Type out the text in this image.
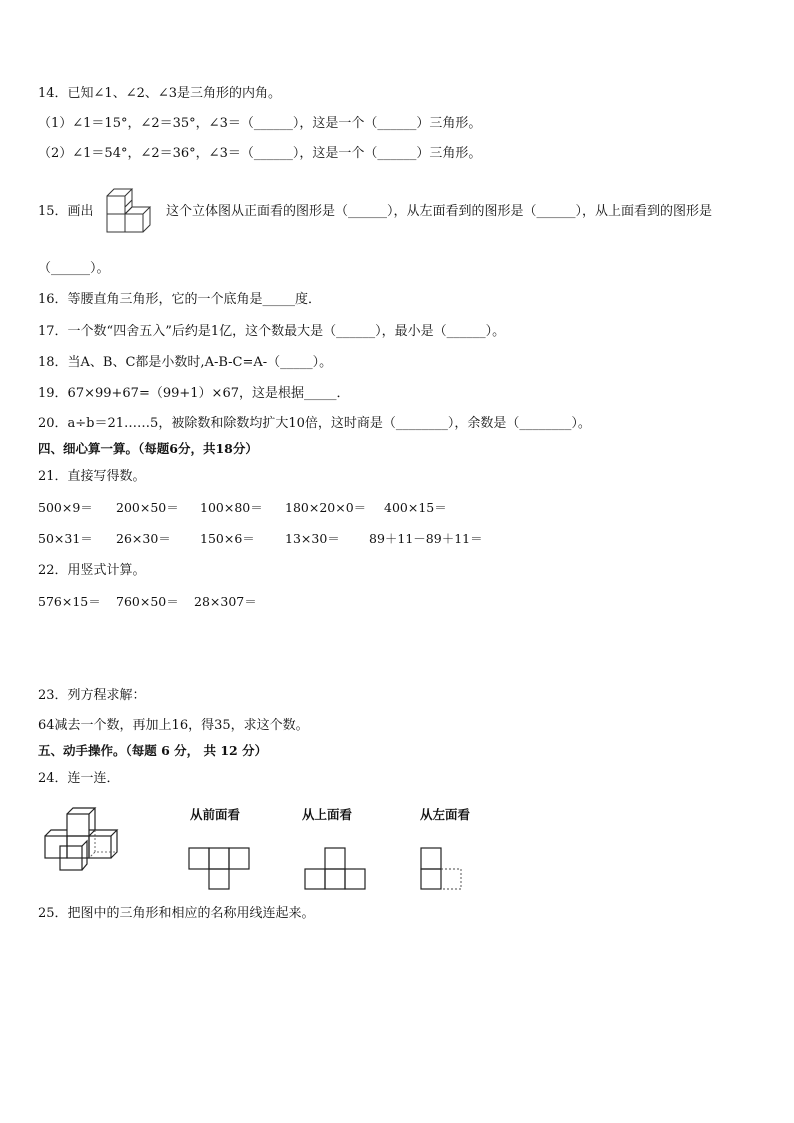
14．已知∠1、∠2、∠3是三角形的内角。
（1）∠1＝15°，∠2＝35°，∠3＝（______），这是一个（______）三角形。
（2）∠1＝54°，∠2＝36°，∠3＝（______），这是一个（______）三角形。
15．画出	这个立体图从正面看的图形是（______），从左面看到的图形是（______），从上面看到的图形是
（______）。
16．等腰直角三角形，它的一个底角是_____度．
17．一个数“四舍五入”后约是1亿，这个数最大是（______），最小是（______）。
18．当A、B、C都是小数时,A-B-C=A-（_____）。
19．67×99+67=（99+1）×67，这是根据_____．
20．a÷b＝21……5，被除数和除数均扩大10倍，这时商是（________），余数是（________）。
四、细心算一算。（每题6分，共18分）
21．直接写得数。
500×9＝ 200×50＝ 100×80＝ 180×20×0＝ 400×15＝
50×31＝ 26×30＝ 150×6＝ 13×30＝ 89＋11－89＋11＝
22．用竖式计算。
576×15＝ 760×50＝ 28×307＝
23．列方程求解：
64减去一个数，再加上16，得35，求这个数。
五、动手操作。（每题 6 分， 共 12 分）
24．连一连．
从前面看	从上面看	从左面看
25．把图中的三角形和相应的名称用线连起来。
